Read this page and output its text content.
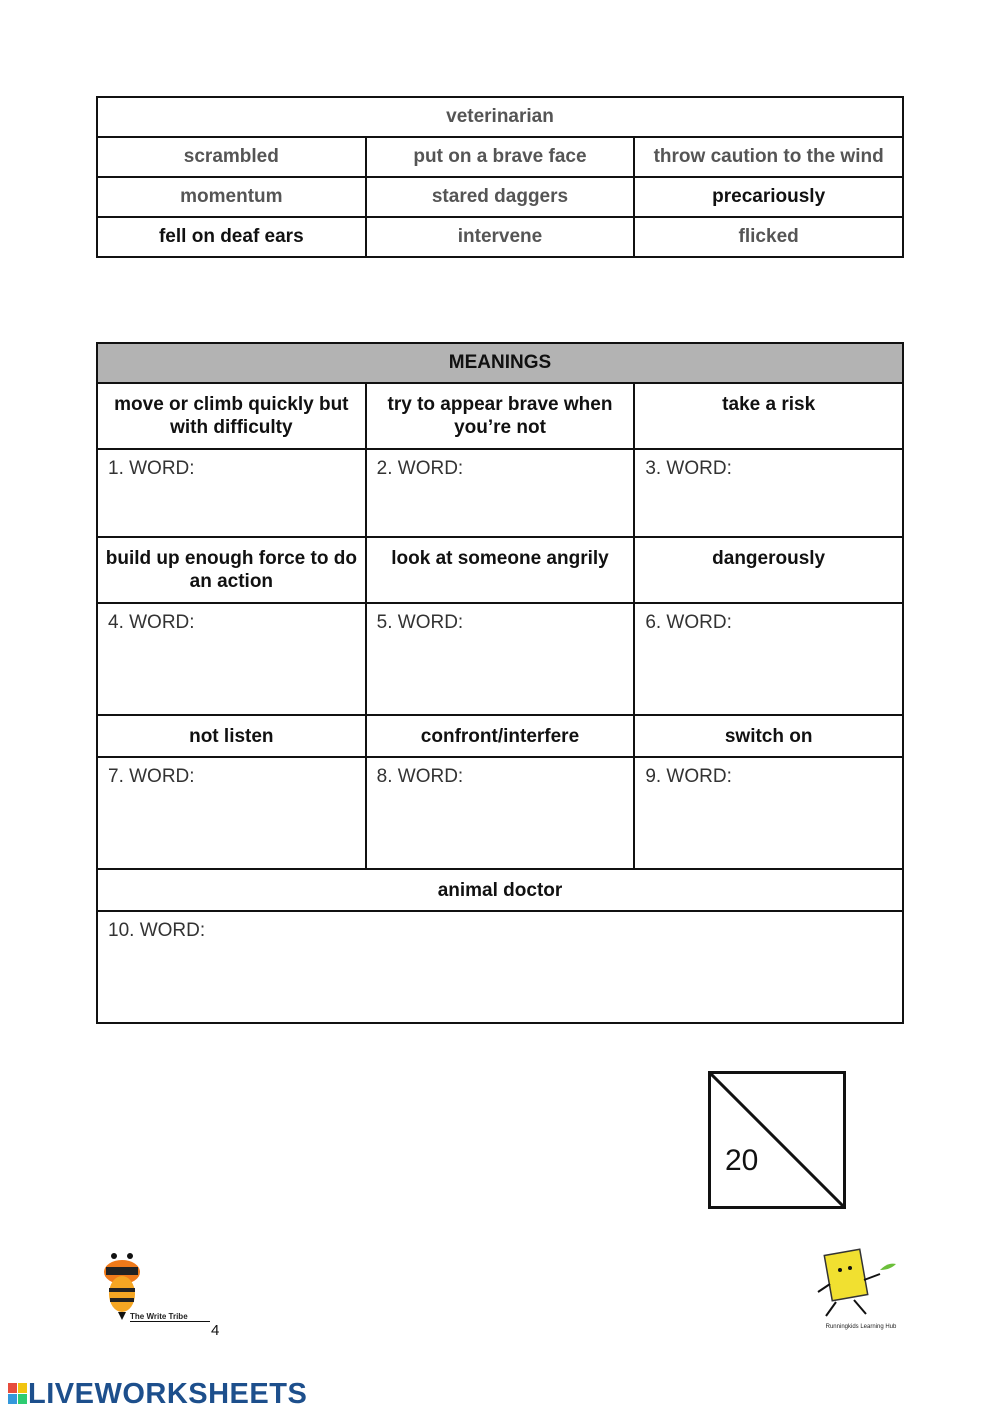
veterinarian		
scrambled	put on a brave face	throw caution to the wind
momentum	stared daggers	precariously
fell on deaf ears	intervene	flicked
MEANINGS		
move or climb quickly but with difficulty	try to appear brave when you’re not	take a risk
1. WORD:	2. WORD:	3. WORD:
build up enough force to do an action	look at someone angrily	dangerously
4. WORD:	5. WORD:	6. WORD:
not listen	confront/interfere	switch on
7. WORD:	8. WORD:	9. WORD:
animal doctor		
10. WORD:		
20
The Write Tribe
4	Runningkids Learning Hub
LIVEWORKSHEETS
